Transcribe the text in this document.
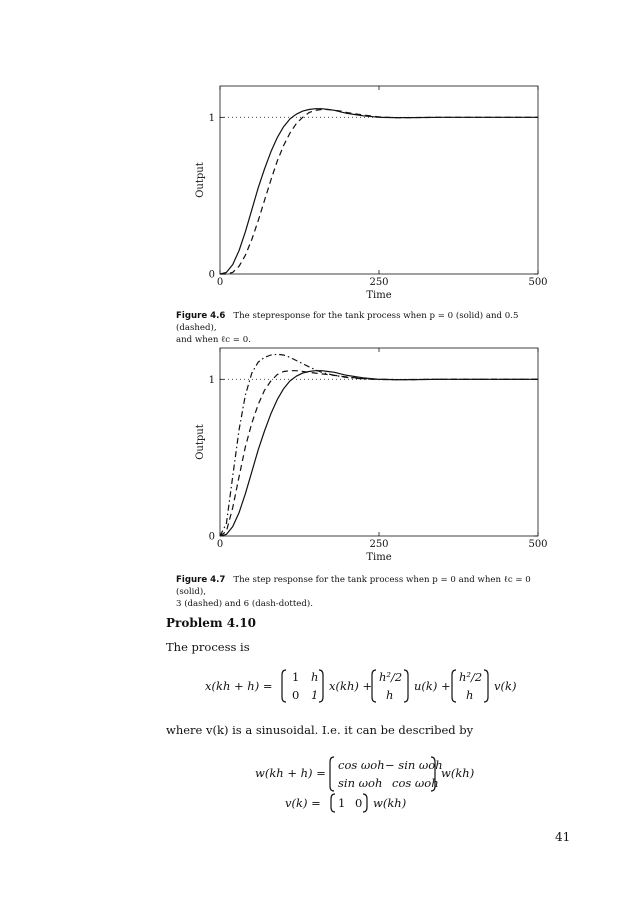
0	250	500
0
1
Time
Output
Figure 4.6 The stepresponse for the tank process when p = 0 (solid) and 0.5 (dashed),
and when ℓc = 0.
0	250	500
0
1
Time
Output
Figure 4.7 The step response for the tank process when p = 0 and when ℓc = 0 (solid),
3 (dashed) and 6 (dash-dotted).
Problem 4.10
The process is
x(kh + h) =
1 h
0 1
x(kh) +
h²/2
h
u(k) +
h²/2
h
v(k)
where v(k) is a sinusoidal. I.e. it can be described by
w(kh + h) =
cos ωoh − sin ωoh
sin ωoh cos ωoh
w(kh)
v(k) = 1 0 w(kh)
41
